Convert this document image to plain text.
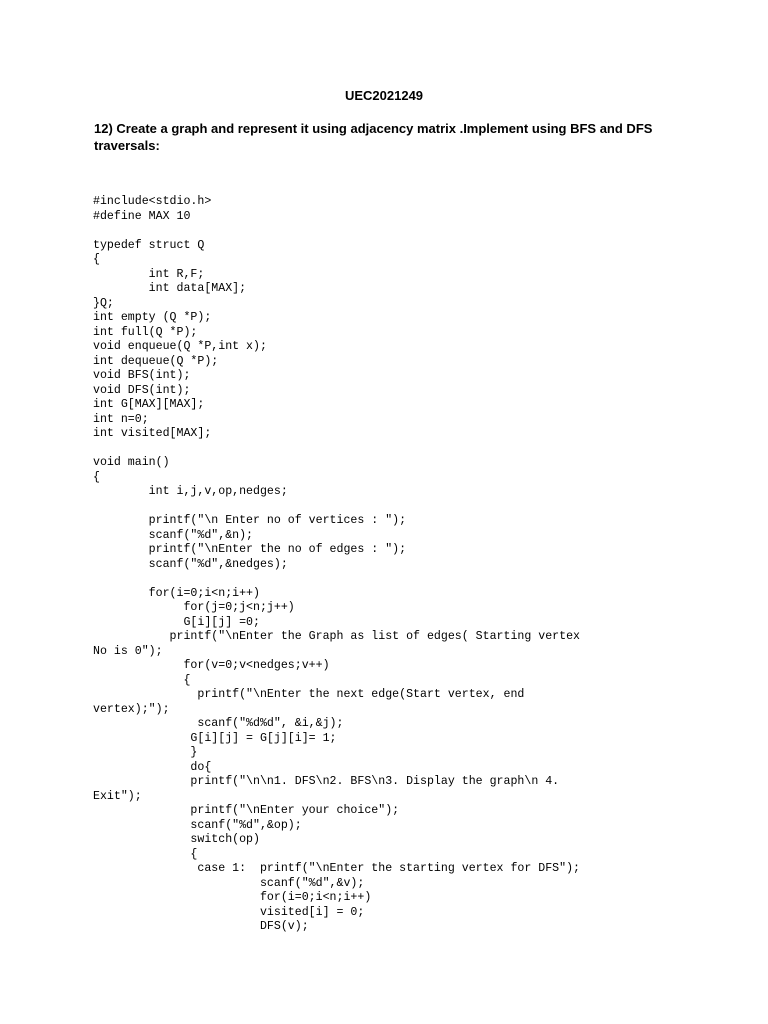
UEC2021249

12) Create a graph and represent it using adjacency matrix .Implement using BFS and DFS traversals:

#include<stdio.h>
#define MAX 10
typedef struct Q
{
int R,F;
int data[MAX];
}Q;
int empty (Q *P);
int full(Q *P);
void enqueue(Q *P,int x);
int dequeue(Q *P);
void BFS(int);
void DFS(int);
int G[MAX][MAX];
int n=0;
int visited[MAX];
void main()
{
int i,j,v,op,nedges;
printf("\n Enter no of vertices : ");
scanf("%d",&n);
printf("\nEnter the no of edges : ");
scanf("%d",&nedges);
for(i=0;i<n;i++)
for(j=0;j<n;j++)
G[i][j] =0;
printf("\nEnter the Graph as list of edges( Starting vertex
No is 0");
for(v=0;v<nedges;v++)
{
printf("\nEnter the next edge(Start vertex, end
vertex);");
scanf("%d%d", &i,&j);
G[i][j] = G[j][i]= 1;
}
do{
printf("\n\n1. DFS\n2. BFS\n3. Display the graph\n 4.
Exit");
printf("\nEnter your choice");
scanf("%d",&op);
switch(op)
{
case 1:  printf("\nEnter the starting vertex for DFS");
scanf("%d",&v);
for(i=0;i<n;i++)
visited[i] = 0;
DFS(v);
